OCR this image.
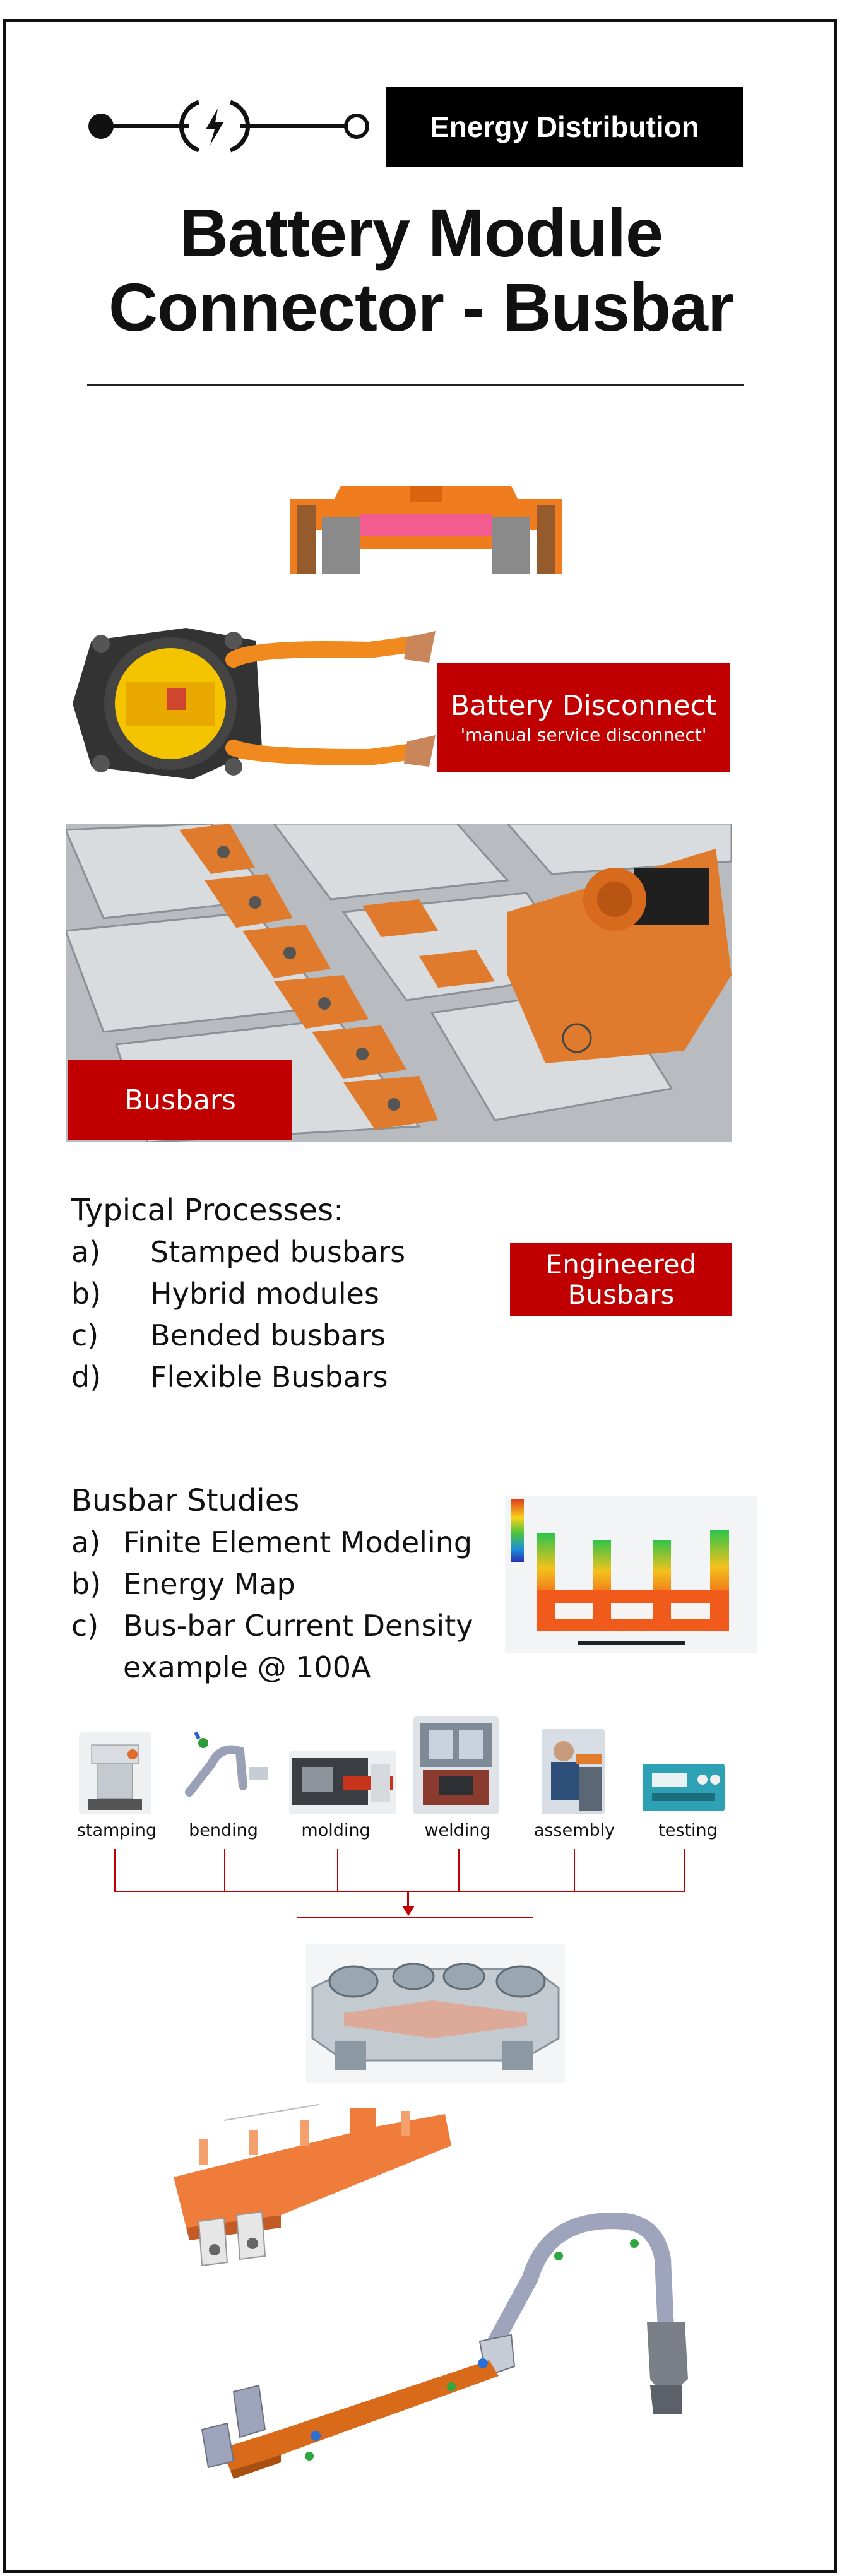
Energy Distribution
Battery Module
Connector - Busbar
Battery Disconnect
'manual service disconnect'
Busbars
Typical Processes:
a)	Stamped busbars
b)	Hybrid modules
c)	Bended busbars
d)	Flexible Busbars
Engineered
Busbars
Busbar Studies
a) Finite Element Modeling
b) Energy Map
c) Bus-bar Current Density
example @ 100A
stamping	bending	molding	welding	assembly	testing
